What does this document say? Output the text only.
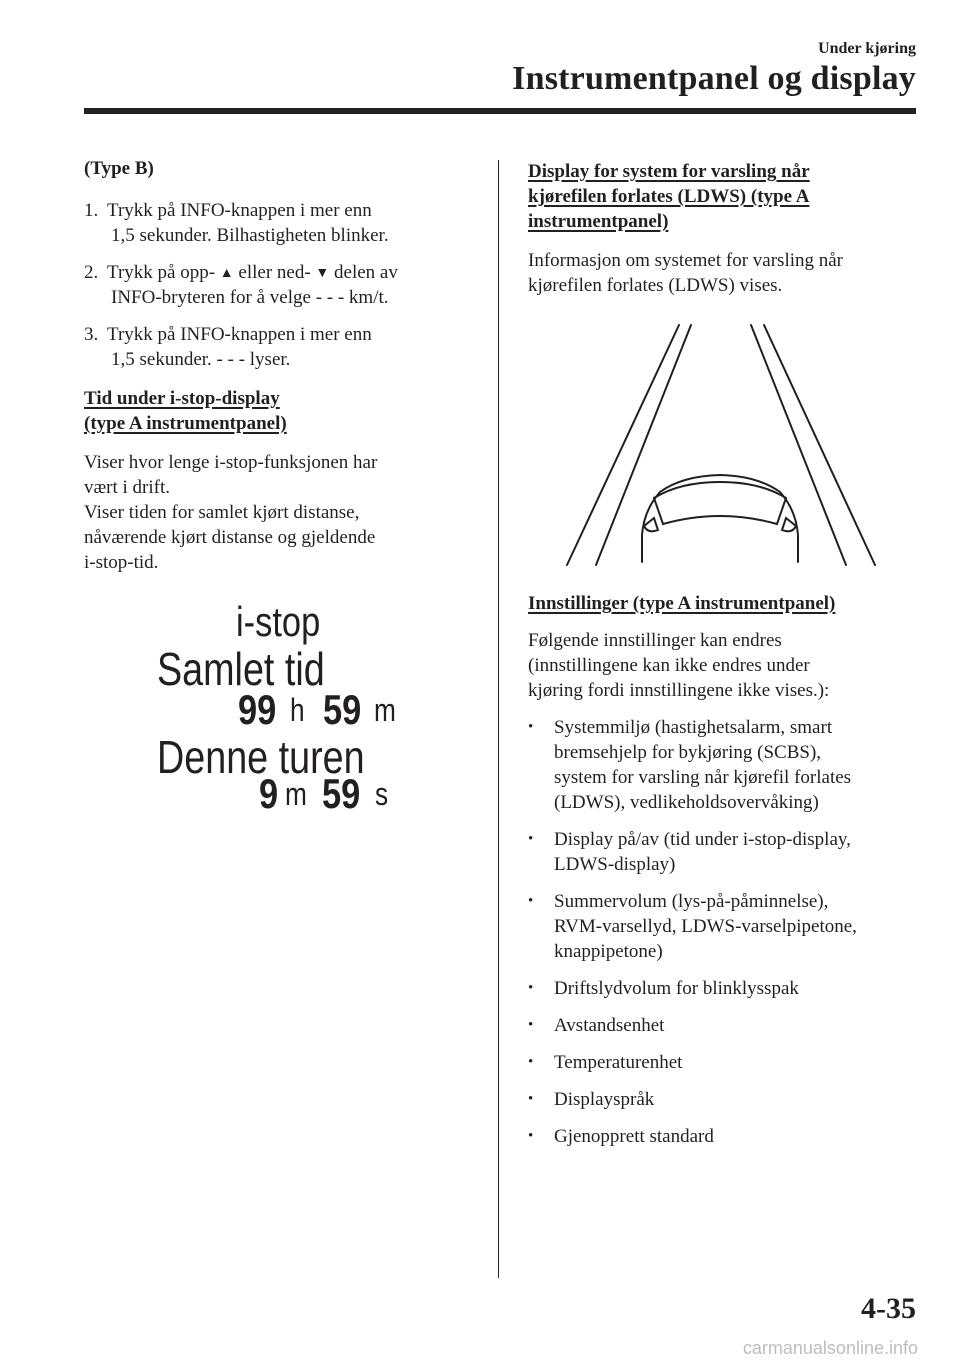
Under kjøring
Instrumentpanel og display
(Type B)
1. Trykk på INFO-knappen i mer enn
1,5 sekunder. Bilhastigheten blinker.
2. Trykk på opp- ▲ eller ned- ▼ delen av
INFO-bryteren for å velge - - - km/t.
3. Trykk på INFO-knappen i mer enn
1,5 sekunder. - - - lyser.
Tid under i-stop-display
(type A instrumentpanel)
Viser hvor lenge i-stop-funksjonen har
vært i drift.
Viser tiden for samlet kjørt distanse,
nåværende kjørt distanse og gjeldende
i-stop-tid.
i-stop
Samlet tid
99 h 59 m
Denne turen
9 m 59 s
Display for system for varsling når
kjørefilen forlates (LDWS) (type A
instrumentpanel)
Informasjon om systemet for varsling når
kjørefilen forlates (LDWS) vises.
Innstillinger (type A instrumentpanel)
Følgende innstillinger kan endres
(innstillingene kan ikke endres under
kjøring fordi innstillingene ikke vises.):
• Systemmiljø (hastighetsalarm, smart
bremsehjelp for bykjøring (SCBS),
system for varsling når kjørefil forlates
(LDWS), vedlikeholdsovervåking)
• Display på/av (tid under i-stop-display,
LDWS-display)
• Summervolum (lys-på-påminnelse),
RVM-varsellyd, LDWS-varselpipetone,
knappipetone)
• Driftslydvolum for blinklysspak
• Avstandsenhet
• Temperaturenhet
• Displayspråk
• Gjenopprett standard
4-35
carmanualsonline.info
